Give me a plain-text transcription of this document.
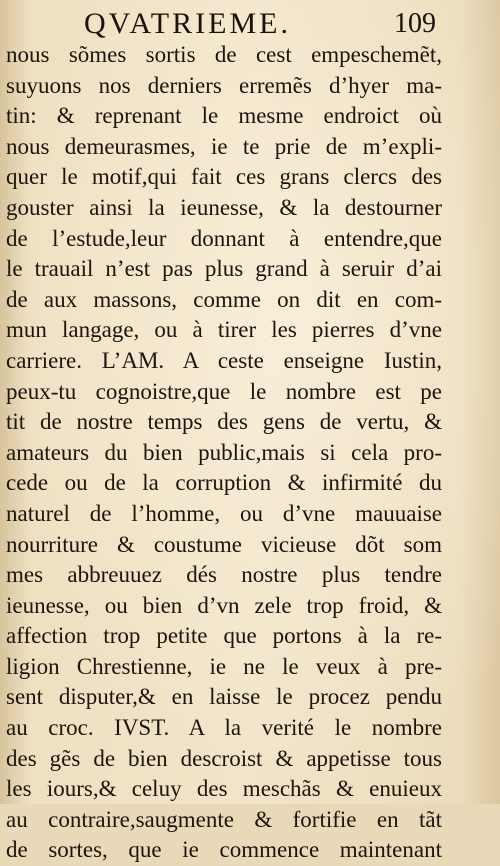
QVATRIEME.	109
nous sõmes sortis de cest empeschemẽt,
suyuons nos derniers erremẽs d’hyer ma-
tin: & reprenant le mesme endroict où
nous demeurasmes, ie te prie de m’expli-
quer le motif,qui fait ces grans clercs des
gouster ainsi la ieunesse, & la destourner
de l’estude,leur donnant à entendre,que
le trauail n’est pas plus grand à seruir d’ai
de aux massons, comme on dit en com-
mun langage, ou à tirer les pierres d’vne
carriere. L’AM. A ceste enseigne Iustin,
peux-tu cognoistre,que le nombre est pe
tit de nostre temps des gens de vertu, &
amateurs du bien public,mais si cela pro-
cede ou de la corruption & infirmité du
naturel de l’homme, ou d’vne mauuaise
nourriture & coustume vicieuse dõt som
mes abbreuuez dés nostre plus tendre
ieunesse, ou bien d’vn zele trop froid, &
affection trop petite que portons à la re-
ligion Chrestienne, ie ne le veux à pre-
sent disputer,& en laisse le procez pendu
au croc. IVST. A la verité le nombre
des gẽs de bien descroist & appetisse tous
les iours,& celuy des meschãs & enuieux
au contraire,saugmente & fortifie en tãt
de sortes, que ie commence maintenant
